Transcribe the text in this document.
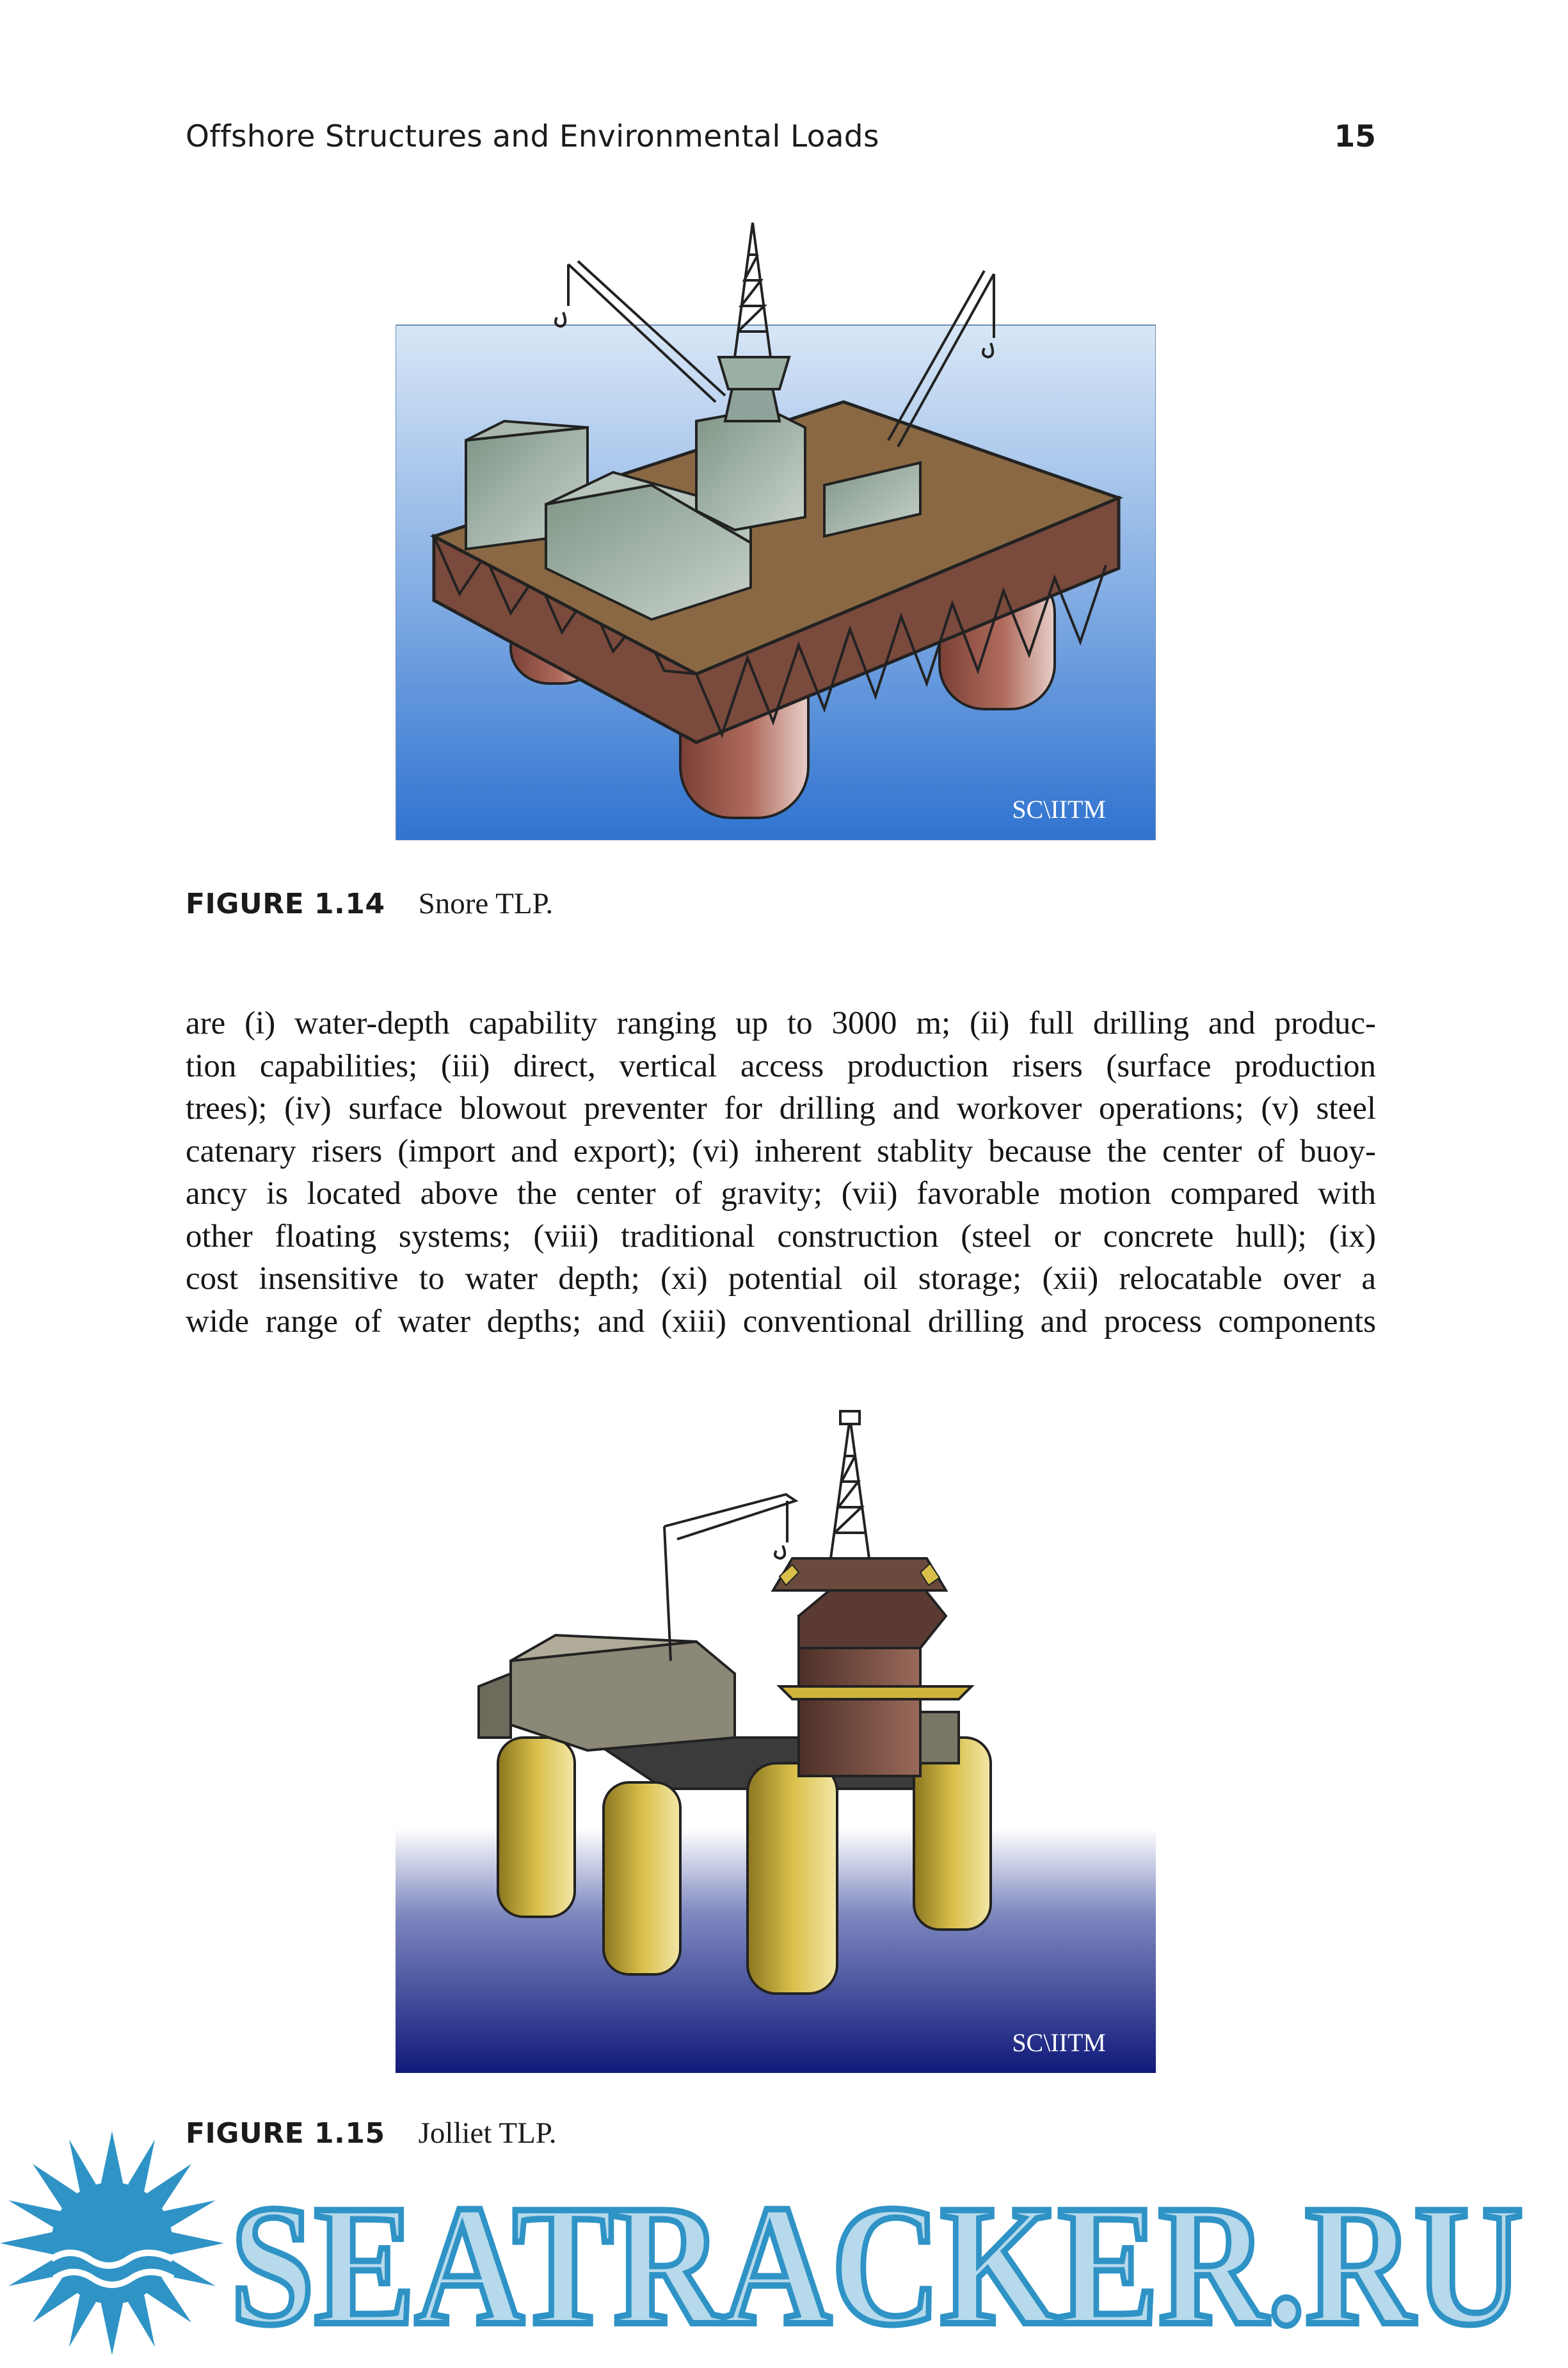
Offshore Structures and Environmental Loads	15
SC\IITM
FIGURE 1.14 Snore TLP.
are (i) water-depth capability ranging up to 3000 m; (ii) full drilling and produc-
tion capabilities; (iii) direct, vertical access production risers (surface production
trees); (iv) surface blowout preventer for drilling and workover operations; (v) steel
catenary risers (import and export); (vi) inherent stablity because the center of buoy-
ancy is located above the center of gravity; (vii) favorable motion compared with
other floating systems; (viii) traditional construction (steel or concrete hull); (ix)
cost insensitive to water depth; (xi) potential oil storage; (xii) relocatable over a
wide range of water depths; and (xiii) conventional drilling and process components
SC\IITM
FIGURE 1.15 Jolliet TLP.
SEATRACKER.RU
